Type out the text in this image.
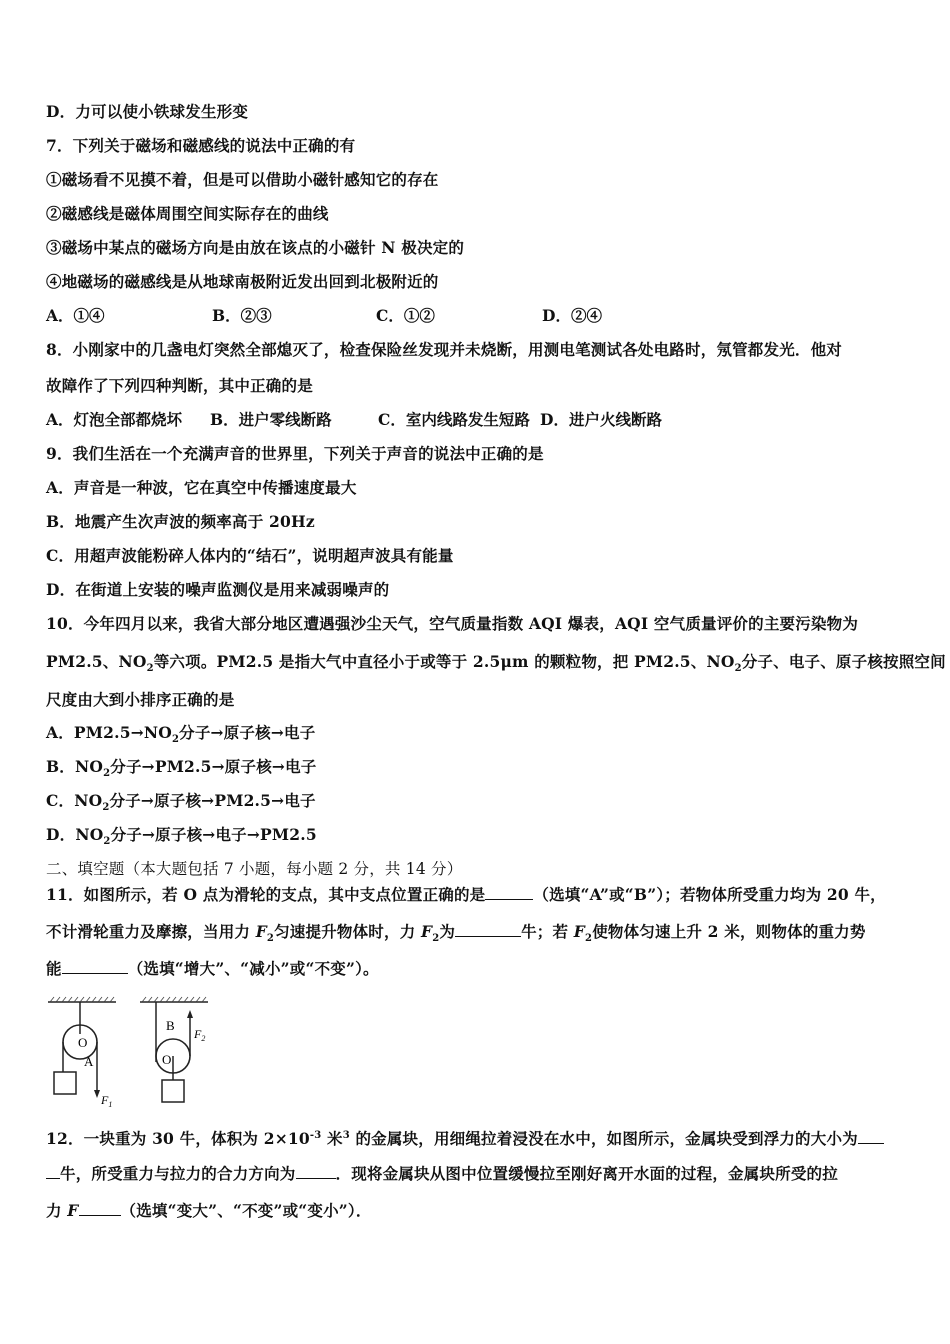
D．力可以使小铁球发生形变
7．下列关于磁场和磁感线的说法中正确的有
①磁场看不见摸不着，但是可以借助小磁针感知它的存在
②磁感线是磁体周围空间实际存在的曲线
③磁场中某点的磁场方向是由放在该点的小磁针 N 极决定的
④地磁场的磁感线是从地球南极附近发出回到北极附近的
A．①④	B．②③	C．①②	D．②④
8．小刚家中的几盏电灯突然全部熄灭了，检查保险丝发现并未烧断，用测电笔测试各处电路时，氖管都发光．他对
故障作了下列四种判断，其中正确的是
A．灯泡全部都烧坏 B．进户零线断路	C．室内线路发生短路 D．进户火线断路
9．我们生活在一个充满声音的世界里，下列关于声音的说法中正确的是
A．声音是一种波，它在真空中传播速度最大
B．地震产生次声波的频率高于 20Hz
C．用超声波能粉碎人体内的“结石”，说明超声波具有能量
D．在街道上安装的噪声监测仪是用来减弱噪声的
10．今年四月以来，我省大部分地区遭遇强沙尘天气，空气质量指数 AQI 爆表，AQI 空气质量评价的主要污染物为
PM2.5、$NO_2$等六项。PM2.5 是指大气中直径小于或等于 2.5μm 的颗粒物，把 PM2.5、$NO_2$分子、电子、原子核按照空间
尺度由大到小排序正确的是
A．$PM2.5\to NO_2$分子→原子核→电子
B．$NO_2$分子→PM2.5→原子核→电子
C．$NO_2$分子→原子核→PM2.5→电子
D．$NO_2$分子→原子核→电子→PM2.5
二、填空题（本大题包括 7 小题，每小题 2 分，共 14 分）
11．如图所示，若 O 点为滑轮的支点，其中支点位置正确的是	（选填“A”或“B”）；若物体所受重力均为 20 牛，
不计滑轮重力及摩擦，当用力 $F_2$匀速提升物体时，力 $F_2$为	牛；若 $F_2$使物体匀速上升 2 米，则物体的重力势
能	（选填“增大”、“减小”或“不变”）。
O
A
$F_1$
B
O
$F_2$
12．一块重为 30 牛，体积为 $2\times 10^{-3}$ 米$^3$ 的金属块，用细绳拉着浸没在水中，如图所示，金属块受到浮力的大小为
牛，所受重力与拉力的合力方向为	．现将金属块从图中位置缓慢拉至刚好离开水面的过程，金属块所受的拉
力 F	（选填“变大”、“不变”或“变小”）．
